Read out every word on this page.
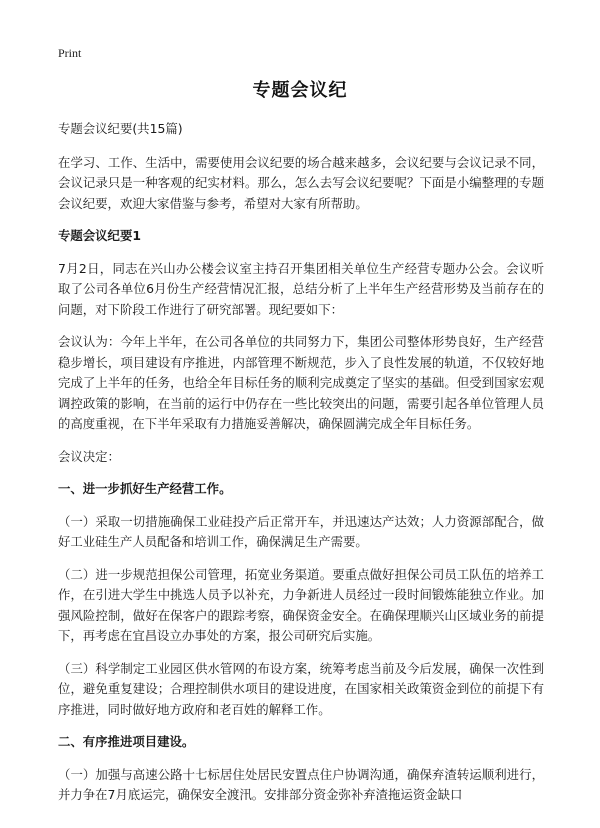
Print
专题会议纪

专题会议纪要(共15篇)

在学习、工作、生活中，需要使用会议纪要的场合越来越多，会议纪要与会议记录不同，会议记录只是一种客观的纪实材料。那么，怎么去写会议纪要呢？下面是小编整理的专题会议纪要，欢迎大家借鉴与参考，希望对大家有所帮助。

专题会议纪要1

7月2日，同志在兴山办公楼会议室主持召开集团相关单位生产经营专题办公会。会议听取了公司各单位6月份生产经营情况汇报，总结分析了上半年生产经营形势及当前存在的问题，对下阶段工作进行了研究部署。现纪要如下：

会议认为：今年上半年，在公司各单位的共同努力下，集团公司整体形势良好，生产经营稳步增长，项目建设有序推进，内部管理不断规范，步入了良性发展的轨道，不仅较好地完成了上半年的任务，也给全年目标任务的顺利完成奠定了坚实的基础。但受到国家宏观调控政策的影响，在当前的运行中仍存在一些比较突出的问题，需要引起各单位管理人员的高度重视，在下半年采取有力措施妥善解决，确保圆满完成全年目标任务。

会议决定：

一、进一步抓好生产经营工作。

（一）采取一切措施确保工业硅投产后正常开车，并迅速达产达效；人力资源部配合，做好工业硅生产人员配备和培训工作，确保满足生产需要。

（二）进一步规范担保公司管理，拓宽业务渠道。要重点做好担保公司员工队伍的培养工作，在引进大学生中挑选人员予以补充，力争新进人员经过一段时间锻炼能独立作业。加强风险控制，做好在保客户的跟踪考察，确保资金安全。在确保理顺兴山区域业务的前提下，再考虑在宜昌设立办事处的方案，报公司研究后实施。

（三）科学制定工业园区供水管网的布设方案，统筹考虑当前及今后发展，确保一次性到位，避免重复建设；合理控制供水项目的建设进度，在国家相关政策资金到位的前提下有序推进，同时做好地方政府和老百姓的解释工作。

二、有序推进项目建设。

（一）加强与高速公路十七标居住处居民安置点住户协调沟通，确保弃渣转运顺利进行，并力争在7月底运完，确保安全渡汛。安排部分资金弥补弃渣拖运资金缺口
